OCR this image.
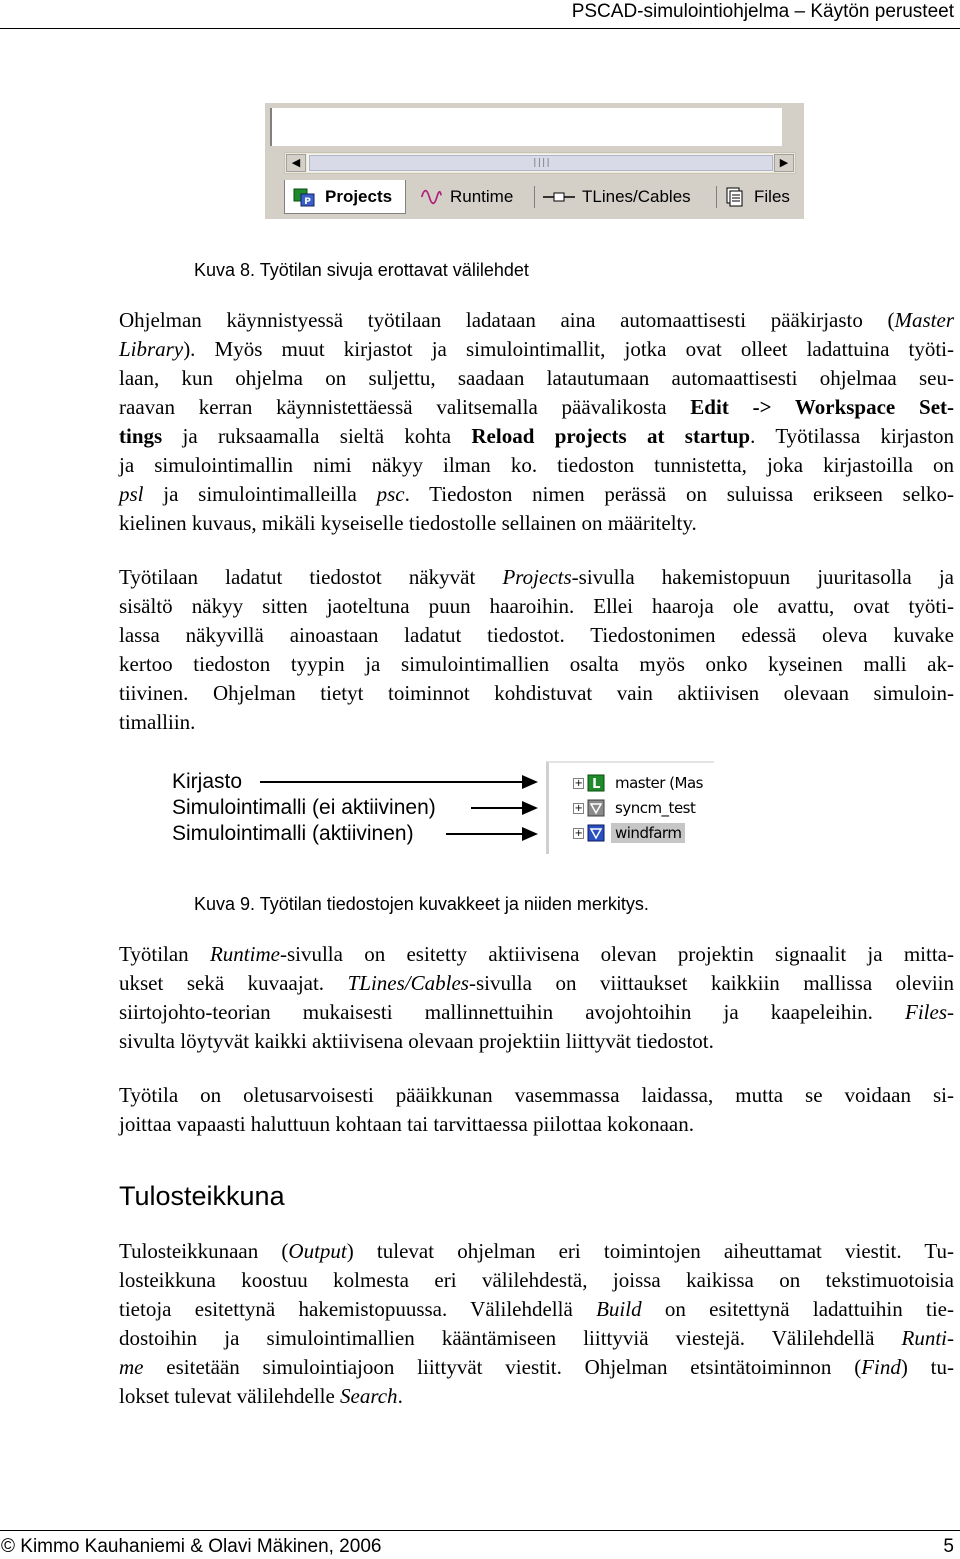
PSCAD-simulointiohjelma – Käytön perusteet
◀	||||	▶
P Projects	Runtime	TLines/Cables	Files
Kuva 8. Työtilan sivuja erottavat välilehdet
Ohjelman käynnistyessä työtilaan ladataan aina automaattisesti pääkirjasto (Master
Library). Myös muut kirjastot ja simulointimallit, jotka ovat olleet ladattuina työti-
laan, kun ohjelma on suljettu, saadaan latautumaan automaattisesti ohjelmaa seu-
raavan kerran käynnistettäessä valitsemalla päävalikosta Edit -> Workspace Set-
tings ja ruksaamalla sieltä kohta Reload projects at startup. Työtilassa kirjaston
ja simulointimallin nimi näkyy ilman ko. tiedoston tunnistetta, joka kirjastoilla on
psl ja simulointimalleilla psc. Tiedoston nimen perässä on suluissa erikseen selko-
kielinen kuvaus, mikäli kyseiselle tiedostolle sellainen on määritelty.
Työtilaan ladatut tiedostot näkyvät Projects-sivulla hakemistopuun juuritasolla ja
sisältö näkyy sitten jaoteltuna puun haaroihin. Ellei haaroja ole avattu, ovat työti-
lassa näkyvillä ainoastaan ladatut tiedostot. Tiedostonimen edessä oleva kuvake
kertoo tiedoston tyypin ja simulointimallien osalta myös onko kyseinen malli ak-
tiivinen. Ohjelman tietyt toiminnot kohdistuvat vain aktiivisen olevaan simuloin-
timalliin.
Kirjasto
Simulointimalli (ei aktiivinen)
Simulointimalli (aktiivinen)
+ L master (Mas
+ syncm_test
+ windfarm
Kuva 9. Työtilan tiedostojen kuvakkeet ja niiden merkitys.
Työtilan Runtime-sivulla on esitetty aktiivisena olevan projektin signaalit ja mitta-
ukset sekä kuvaajat. TLines/Cables-sivulla on viittaukset kaikkiin mallissa oleviin
siirtojohto-teorian mukaisesti mallinnettuihin avojohtoihin ja kaapeleihin. Files-
sivulta löytyvät kaikki aktiivisena olevaan projektiin liittyvät tiedostot.
Työtila on oletusarvoisesti pääikkunan vasemmassa laidassa, mutta se voidaan si-
joittaa vapaasti haluttuun kohtaan tai tarvittaessa piilottaa kokonaan.
Tulosteikkuna
Tulosteikkunaan (Output) tulevat ohjelman eri toimintojen aiheuttamat viestit. Tu-
losteikkuna koostuu kolmesta eri välilehdestä, joissa kaikissa on tekstimuotoisia
tietoja esitettynä hakemistopuussa. Välilehdellä Build on esitettynä ladattuihin tie-
dostoihin ja simulointimallien kääntämiseen liittyviä viestejä. Välilehdellä Runti-
me esitetään simulointiajoon liittyvät viestit. Ohjelman etsintätoiminnon (Find) tu-
lokset tulevat välilehdelle Search.
© Kimmo Kauhaniemi & Olavi Mäkinen, 2006	5
